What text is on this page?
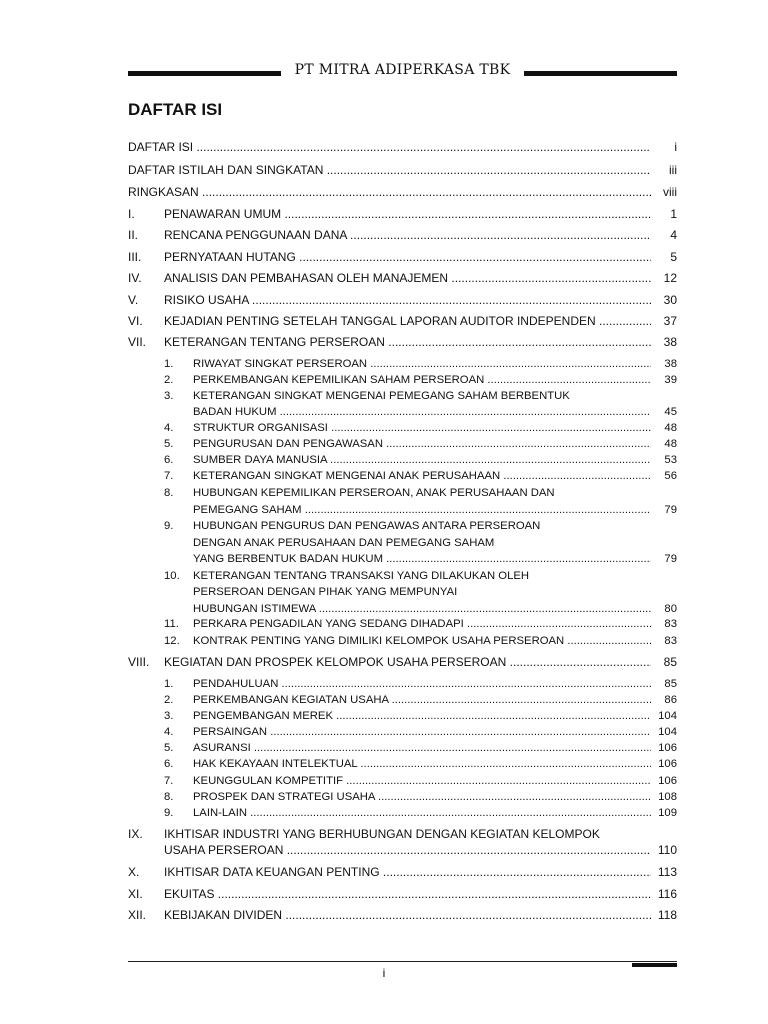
PT MITRA ADIPERKASA TBK
DAFTAR ISI
DAFTAR ISI .....	i
DAFTAR ISTILAH DAN SINGKATAN .....	iii
RINGKASAN .....	viii
I. PENAWARAN UMUM .....	1
II. RENCANA PENGGUNAAN DANA .....	4
III. PERNYATAAN HUTANG .....	5
IV. ANALISIS DAN PEMBAHASAN OLEH MANAJEMEN .....	12
V. RISIKO USAHA .....	30
VI. KEJADIAN PENTING SETELAH TANGGAL LAPORAN AUDITOR INDEPENDEN .....	37
VII. KETERANGAN TENTANG PERSEROAN .....	38
1. RIWAYAT SINGKAT PERSEROAN .....	38
2. PERKEMBANGAN KEPEMILIKAN SAHAM PERSEROAN .....	39
3. KETERANGAN SINGKAT MENGENAI PEMEGANG SAHAM BERBENTUK
BADAN HUKUM .....	45
4. STRUKTUR ORGANISASI .....	48
5. PENGURUSAN DAN PENGAWASAN .....	48
6. SUMBER DAYA MANUSIA .....	53
7. KETERANGAN SINGKAT MENGENAI ANAK PERUSAHAAN .....	56
8. HUBUNGAN KEPEMILIKAN PERSEROAN, ANAK PERUSAHAAN DAN
PEMEGANG SAHAM .....	79
9. HUBUNGAN PENGURUS DAN PENGAWAS ANTARA PERSEROAN
DENGAN ANAK PERUSAHAAN DAN PEMEGANG SAHAM
YANG BERBENTUK BADAN HUKUM .....	79
10. KETERANGAN TENTANG TRANSAKSI YANG DILAKUKAN OLEH
PERSEROAN DENGAN PIHAK YANG MEMPUNYAI
HUBUNGAN ISTIMEWA .....	80
11. PERKARA PENGADILAN YANG SEDANG DIHADAPI .....	83
12. KONTRAK PENTING YANG DIMILIKI KELOMPOK USAHA PERSEROAN .....	83
VIII. KEGIATAN DAN PROSPEK KELOMPOK USAHA PERSEROAN .....	85
1. PENDAHULUAN .....	85
2. PERKEMBANGAN KEGIATAN USAHA .....	86
3. PENGEMBANGAN MEREK .....	104
4. PERSAINGAN .....	104
5. ASURANSI .....	106
6. HAK KEKAYAAN INTELEKTUAL .....	106
7. KEUNGGULAN KOMPETITIF .....	106
8. PROSPEK DAN STRATEGI USAHA .....	108
9. LAIN-LAIN .....	109
IX. IKHTISAR INDUSTRI YANG BERHUBUNGAN DENGAN KEGIATAN KELOMPOK
USAHA PERSEROAN .....	110
X. IKHTISAR DATA KEUANGAN PENTING .....	113
XI. EKUITAS .....	116
XII. KEBIJAKAN DIVIDEN .....	118
i
